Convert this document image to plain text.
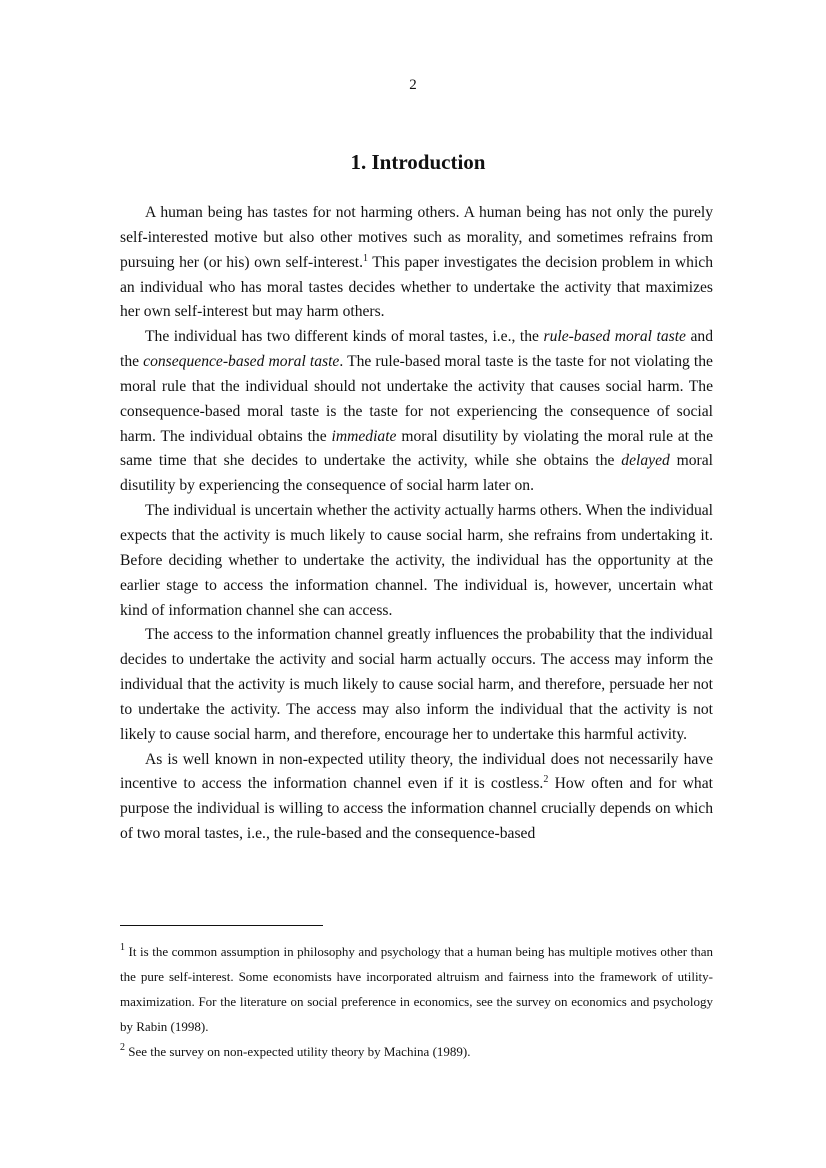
2
1. Introduction

A human being has tastes for not harming others. A human being has not only the purely self-interested motive but also other motives such as morality, and sometimes refrains from pursuing her (or his) own self-interest.$^1$ This paper investigates the decision problem in which an individual who has moral tastes decides whether to undertake the activity that maximizes her own self-interest but may harm others.

The individual has two different kinds of moral tastes, i.e., the rule-based moral taste and the consequence-based moral taste. The rule-based moral taste is the taste for not violating the moral rule that the individual should not undertake the activity that causes social harm. The consequence-based moral taste is the taste for not experiencing the consequence of social harm. The individual obtains the immediate moral disutility by violating the moral rule at the same time that she decides to undertake the activity, while she obtains the delayed moral disutility by experiencing the consequence of social harm later on.

The individual is uncertain whether the activity actually harms others. When the individual expects that the activity is much likely to cause social harm, she refrains from undertaking it. Before deciding whether to undertake the activity, the individual has the opportunity at the earlier stage to access the information channel. The individual is, however, uncertain what kind of information channel she can access.

The access to the information channel greatly influences the probability that the individual decides to undertake the activity and social harm actually occurs. The access may inform the individual that the activity is much likely to cause social harm, and therefore, persuade her not to undertake the activity. The access may also inform the individual that the activity is not likely to cause social harm, and therefore, encourage her to undertake this harmful activity.

As is well known in non-expected utility theory, the individual does not necessarily have incentive to access the information channel even if it is costless.$^2$ How often and for what purpose the individual is willing to access the information channel crucially depends on which of two moral tastes, i.e., the rule-based and the consequence-based

$^1$ It is the common assumption in philosophy and psychology that a human being has multiple motives other than the pure self-interest. Some economists have incorporated altruism and fairness into the framework of utility-maximization. For the literature on social preference in economics, see the survey on economics and psychology by Rabin (1998).

$^2$ See the survey on non-expected utility theory by Machina (1989).
